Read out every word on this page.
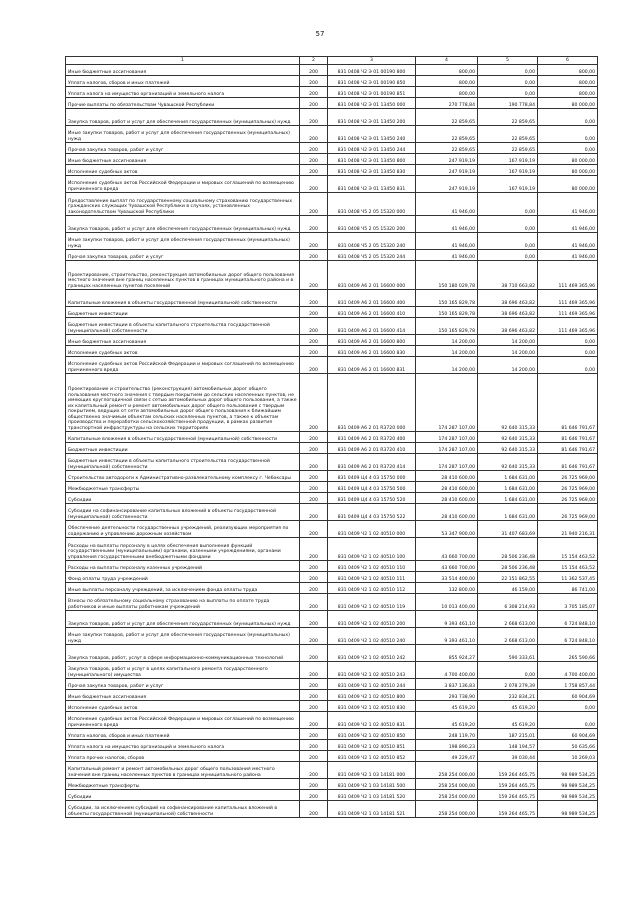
57
1	2	3	4	5	6
Иные бюджетные ассигнования	200	831 0408 Ч2 Э 01 00190 800	800,00	0,00	800,00
Уплата налогов, сборов и иных платежей	200	831 0408 Ч2 Э 01 00190 850	800,00	0,00	800,00
Уплата налога на имущество организаций и земельного налога	200	831 0408 Ч2 Э 01 00190 851	800,00	0,00	800,00
Прочие выплаты по обязательствам Чувашской Республики	200	831 0408 Ч2 Э 01 13450 000	270 778,84	190 778,84	80 000,00
Закупка товаров, работ и услуг для обеспечения государственных (муниципальных) нужд	200	831 0408 Ч2 Э 01 13450 200	22 859,65	22 859,65	0,00
Иные закупки товаров, работ и услуг для обеспечения государственных (муниципальных) нужд	200	831 0408 Ч2 Э 01 13450 240	22 859,65	22 859,65	0,00
Прочая закупка товаров, работ и услуг	200	831 0408 Ч2 Э 01 13450 244	22 859,65	22 859,65	0,00
Иные бюджетные ассигнования	200	831 0408 Ч2 Э 01 13450 800	247 919,19	167 919,19	80 000,00
Исполнение судебных актов	200	831 0408 Ч2 Э 01 13450 830	247 919,19	167 919,19	80 000,00
Исполнение судебных актов Российской Федерации и мировых соглашений по возмещению причиненного вреда	200	831 0408 Ч2 Э 01 13450 831	247 919,19	167 919,19	80 000,00
Предоставление выплат по государственному социальному страхованию государственных гражданских служащих Чувашской Республики в случаях, установленных законодательством Чувашской Республики	200	831 0408 Ч5 2 05 15320 000	41 946,00	0,00	41 946,00
Закупка товаров, работ и услуг для обеспечения государственных (муниципальных) нужд	200	831 0408 Ч5 2 05 15320 200	41 946,00	0,00	41 946,00
Иные закупки товаров, работ и услуг для обеспечения государственных (муниципальных) нужд	200	831 0408 Ч5 2 05 15320 240	41 946,00	0,00	41 946,00
Прочая закупка товаров, работ и услуг	200	831 0408 Ч5 2 05 15320 244	41 946,00	0,00	41 946,00
Проектирование, строительство, реконструкция автомобильных дорог общего пользования местного значения вне границ населенных пунктов в границах муниципального района и в границах населенных пунктов поселений	200	831 0409 А6 2 01 16600 000	150 180 029,78	38 710 663,82	111 469 365,96
Капитальные вложения в объекты государственной (муниципальной) собственности	200	831 0409 А6 2 01 16600 400	150 165 829,78	38 696 463,82	111 469 365,96
Бюджетные инвестиции	200	831 0409 А6 2 01 16600 410	150 165 829,78	38 696 463,82	111 469 365,96
Бюджетные инвестиции в объекты капитального строительства государственной (муниципальной) собственности	200	831 0409 А6 2 01 16600 414	150 165 829,78	38 696 463,82	111 469 365,96
Иные бюджетные ассигнования	200	831 0409 А6 2 01 16600 800	14 200,00	14 200,00	0,00
Исполнение судебных актов	200	831 0409 А6 2 01 16600 830	14 200,00	14 200,00	0,00
Исполнение судебных актов Российской Федерации и мировых соглашений по возмещению причиненного вреда	200	831 0409 А6 2 01 16600 831	14 200,00	14 200,00	0,00
Проектирование и строительство (реконструкция) автомобильных дорог общего пользования местного значения с твердым покрытием до сельских населенных пунктов, не имеющих круглогодичной связи с сетью автомобильных дорог общего пользования, а также их капитальный ремонт и ремонт автомобильных дорог общего пользования с твердым покрытием, ведущих от сети автомобильных дорог общего пользования к ближайшим общественно значимым объектам сельских населенных пунктов, а также к объектам производства и переработки сельскохозяйственной продукции, в рамках развития транспортной инфраструктуры на сельских территориях	200	831 0409 А6 2 01 R3720 000	174 287 107,00	92 640 315,33	81 646 791,67
Капитальные вложения в объекты государственной (муниципальной) собственности	200	831 0409 А6 2 01 R3720 400	174 287 107,00	92 640 315,33	81 646 791,67
Бюджетные инвестиции	200	831 0409 А6 2 01 R3720 410	174 287 107,00	92 640 315,33	81 646 791,67
Бюджетные инвестиции в объекты капитального строительства государственной (муниципальной) собственности	200	831 0409 А6 2 01 R3720 414	174 287 107,00	92 640 315,33	81 646 791,67
Строительство автодороги к Административно-развлекательному комплексу г. Чебоксары	200	831 0409 Ц4 4 03 15750 000	28 410 600,00	1 684 631,00	26 725 969,00
Межбюджетные трансферты	200	831 0409 Ц4 4 03 15750 500	28 410 600,00	1 684 631,00	26 725 969,00
Субсидии	200	831 0409 Ц4 4 03 15750 520	28 410 600,00	1 684 631,00	26 725 969,00
Субсидии на софинансирование капитальных вложений в объекты государственной (муниципальной) собственности	200	831 0409 Ц4 4 03 15750 522	28 410 600,00	1 684 631,00	26 725 969,00
Обеспечение деятельности государственных учреждений, реализующих мероприятия по содержанию и управлению дорожным хозяйством	200	831 0409 Ч2 1 02 40510 000	53 347 900,00	31 407 683,69	21 940 216,31
Расходы на выплаты персоналу в целях обеспечения выполнения функций государственными (муниципальными) органами, казенными учреждениями, органами управления государственными внебюджетными фондами	200	831 0409 Ч2 1 02 40510 100	43 660 700,00	28 506 236,48	15 154 463,52
Расходы на выплаты персоналу казенных учреждений	200	831 0409 Ч2 1 02 40510 110	43 660 700,00	28 506 236,48	15 154 463,52
Фонд оплаты труда учреждений	200	831 0409 Ч2 1 02 40510 111	33 514 400,00	22 151 862,55	11 362 537,45
Иные выплаты персоналу учреждений, за исключением фонда оплаты труда	200	831 0409 Ч2 1 02 40510 112	132 800,00	46 159,00	86 741,00
Взносы по обязательному социальному страхованию на выплаты по оплате труда работников и иные выплаты работникам учреждений	200	831 0409 Ч2 1 02 40510 119	10 013 400,00	6 308 214,93	3 705 185,07
Закупка товаров, работ и услуг для обеспечения государственных (муниципальных) нужд	200	831 0409 Ч2 1 02 40510 200	9 393 461,10	2 668 613,00	6 724 848,10
Иные закупки товаров, работ и услуг для обеспечения государственных (муниципальных) нужд	200	831 0409 Ч2 1 02 40510 240	9 393 461,10	2 668 613,00	6 724 848,10
Закупка товаров, работ, услуг в сфере информационно-коммуникационных технологий	200	831 0409 Ч2 1 02 40510 242	855 924,27	590 333,61	265 590,66
Закупка товаров, работ и услуг в целях капитального ремонта государственного (муниципального) имущества	200	831 0409 Ч2 1 02 40510 243	4 700 400,00	0,00	4 700 400,00
Прочая закупка товаров, работ и услуг	200	831 0409 Ч2 1 02 40510 244	3 837 136,83	2 078 279,39	1 758 857,44
Иные бюджетные ассигнования	200	831 0409 Ч2 1 02 40510 800	293 738,90	232 834,21	60 904,69
Исполнение судебных актов	200	831 0409 Ч2 1 02 40510 830	45 619,20	45 619,20	0,00
Исполнение судебных актов Российской Федерации и мировых соглашений по возмещению причиненного вреда	200	831 0409 Ч2 1 02 40510 831	45 619,20	45 619,20	0,00
Уплата налогов, сборов и иных платежей	200	831 0409 Ч2 1 02 40510 850	248 119,70	187 215,01	60 904,69
Уплата налога на имущество организаций и земельного налога	200	831 0409 Ч2 1 02 40510 851	198 890,23	148 194,57	50 635,66
Уплата прочих налогов, сборов	200	831 0409 Ч2 1 02 40510 852	49 229,47	39 030,44	10 269,03
Капитальный ремонт и ремонт автомобильных дорог общего пользования местного значения вне границ населенных пунктов в границах муниципального района	200	831 0409 Ч2 1 03 14181 000	258 254 000,00	159 264 465,75	98 989 534,25
Межбюджетные трансферты	200	831 0409 Ч2 1 03 14181 500	258 254 000,00	159 264 465,75	98 989 534,25
Субсидии	200	831 0409 Ч2 1 03 14181 520	258 254 000,00	159 264 465,75	98 989 534,25
Субсидии, за исключением субсидий на софинансирование капитальных вложений в объекты государственной (муниципальной) собственности	200	831 0409 Ч2 1 03 14181 521	258 254 000,00	159 264 465,75	98 989 534,25
